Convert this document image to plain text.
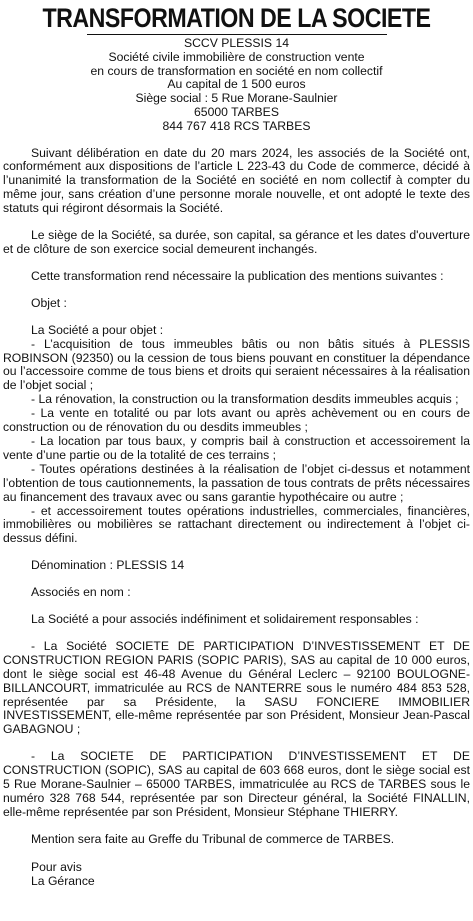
TRANSFORMATION DE LA SOCIETE
SCCV PLESSIS 14
Société civile immobilière de construction vente
en cours de transformation en société en nom collectif
Au capital de 1 500 euros
Siège social : 5 Rue Morane-Saulnier
65000 TARBES
844 767 418 RCS TARBES

Suivant délibération en date du 20 mars 2024, les associés de la Société ont, conformément aux dispositions de l’article L 223-43 du Code de commerce, décidé à l’unanimité la transformation de la Société en société en nom collectif à compter du même jour, sans création d’une personne morale nouvelle, et ont adopté le texte des statuts qui régiront désormais la Société.

Le siège de la Société, sa durée, son capital, sa gérance et les dates d'ouverture et de clôture de son exercice social demeurent inchangés.

Cette transformation rend nécessaire la publication des mentions suivantes :

Objet :

La Société a pour objet :

- L’acquisition de tous immeubles bâtis ou non bâtis situés à PLESSIS ROBINSON (92350) ou la cession de tous biens pouvant en constituer la dépendance ou l’accessoire comme de tous biens et droits qui seraient nécessaires à la réalisation de l’objet social ;

- La rénovation, la construction ou la transformation desdits immeubles acquis ;

- La vente en totalité ou par lots avant ou après achèvement ou en cours de construction ou de rénovation du ou desdits immeubles ;

- La location par tous baux, y compris bail à construction et accessoirement la vente d’une partie ou de la totalité de ces terrains ;

- Toutes opérations destinées à la réalisation de l’objet ci-dessus et notamment l’obtention de tous cautionnements, la passation de tous contrats de prêts nécessaires au financement des travaux avec ou sans garantie hypothécaire ou autre ;

- et accessoirement toutes opérations industrielles, commerciales, financières, immobilières ou mobilières se rattachant directement ou indirectement à l’objet ci-dessus défini.

Dénomination : PLESSIS 14

Associés en nom :

La Société a pour associés indéfiniment et solidairement responsables :

- La Société SOCIETE DE PARTICIPATION D’INVESTISSEMENT ET DE CONSTRUCTION REGION PARIS (SOPIC PARIS), SAS au capital de 10 000 euros, dont le siège social est 46-48 Avenue du Général Leclerc – 92100 BOULOGNE-BILLANCOURT, immatriculée au RCS de NANTERRE sous le numéro 484 853 528, représentée par sa Présidente, la SASU FONCIERE IMMOBILIER INVESTISSEMENT, elle-même représentée par son Président, Monsieur Jean-Pascal GABAGNOU ;

- La SOCIETE DE PARTICIPATION D’INVESTISSEMENT ET DE CONSTRUCTION (SOPIC), SAS au capital de 603 668 euros, dont le siège social est 5 Rue Morane-Saulnier – 65000 TARBES, immatriculée au RCS de TARBES sous le numéro 328 768 544, représentée par son Directeur général, la Société FINALLIN, elle-même représentée par son Président, Monsieur Stéphane THIERRY.

Mention sera faite au Greffe du Tribunal de commerce de TARBES.

Pour avis
La Gérance
